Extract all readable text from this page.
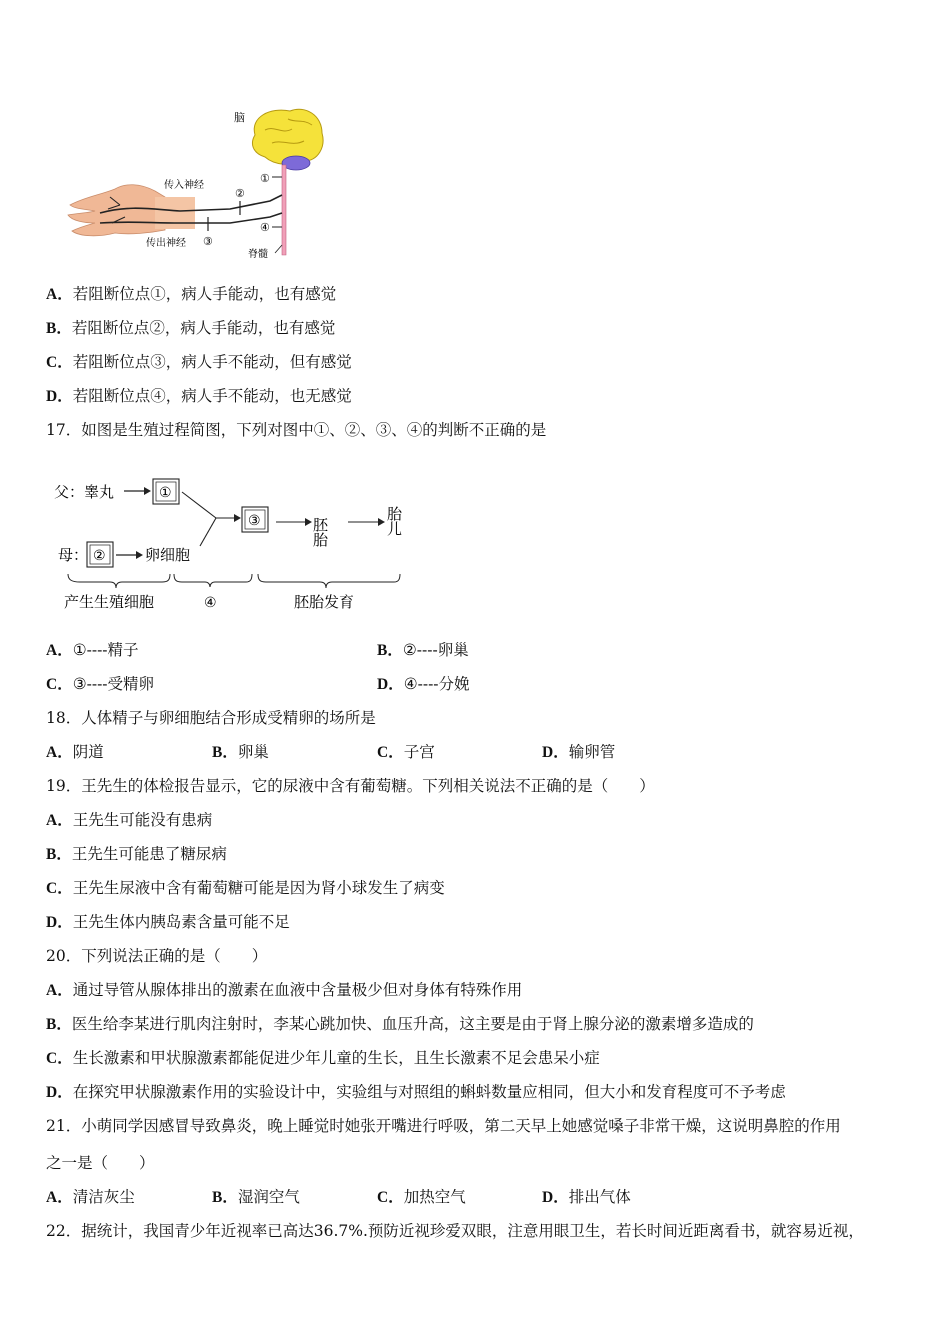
脑
传入神经
传出神经
脊髓
①
②
③
④
A．若阻断位点①，病人手能动，也有感觉
B．若阻断位点②，病人手能动，也有感觉
C．若阻断位点③，病人手不能动，但有感觉
D．若阻断位点④，病人手不能动，也无感觉
17．如图是生殖过程简图，下列对图中①、②、③、④的判断不正确的是
父：睾丸	①
母： ②	卵细胞
③	胚胎	胎儿
产生生殖细胞	④	胚胎发育
A．①----精子	B．②----卵巢
C．③----受精卵	D．④----分娩
18．人体精子与卵细胞结合形成受精卵的场所是
A．阴道	B．卵巢	C．子宫	D．输卵管
19．王先生的体检报告显示，它的尿液中含有葡萄糖。下列相关说法不正确的是（　　）
A．王先生可能没有患病
B．王先生可能患了糖尿病
C．王先生尿液中含有葡萄糖可能是因为肾小球发生了病变
D．王先生体内胰岛素含量可能不足
20．下列说法正确的是（　　）
A．通过导管从腺体排出的激素在血液中含量极少但对身体有特殊作用
B．医生给李某进行肌肉注射时，李某心跳加快、血压升高，这主要是由于肾上腺分泌的激素增多造成的
C．生长激素和甲状腺激素都能促进少年儿童的生长，且生长激素不足会患呆小症
D．在探究甲状腺激素作用的实验设计中，实验组与对照组的蝌蚪数量应相同，但大小和发育程度可不予考虑
21．小萌同学因感冒导致鼻炎，晚上睡觉时她张开嘴进行呼吸，第二天早上她感觉嗓子非常干燥，这说明鼻腔的作用
之一是（　　）
A．清洁灰尘	B．湿润空气	C．加热空气	D．排出气体
22．据统计，我国青少年近视率已高达36.7%.预防近视珍爱双眼，注意用眼卫生，若长时间近距离看书，就容易近视，
